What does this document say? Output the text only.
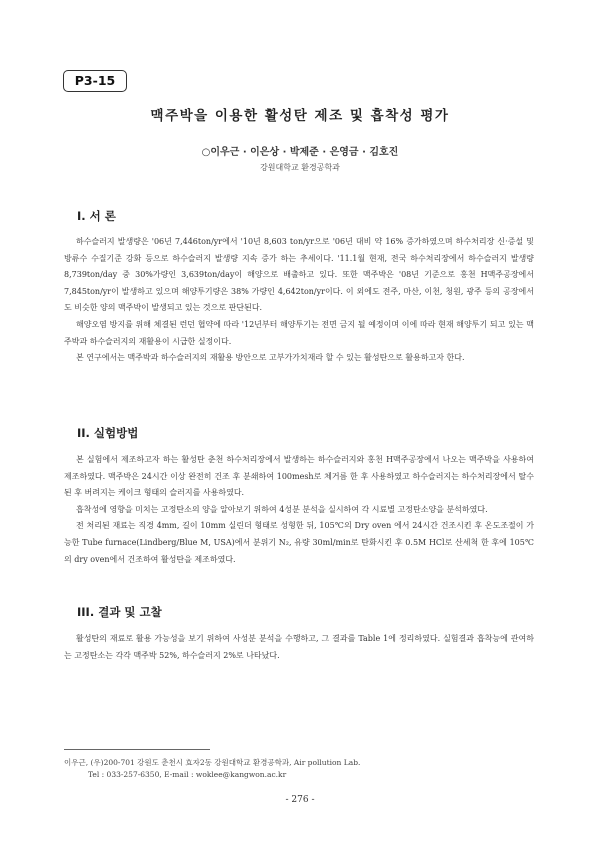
P3-15
맥주박을 이용한 활성탄 제조 및 흡착성 평가
○이우근 · 이은상 · 박제준 · 은영금 · 김호진
강원대학교 환경공학과
I. 서 론

하수슬러지 발생량은 '06년 7,446ton/yr에서 '10년 8,603 ton/yr으로 '06년 대비 약 16% 증가하였으며 하수처리장 신·증설 및 방류수 수질기준 강화 등으로 하수슬러지 발생량 지속 증가 하는 추세이다. '11.1월 현재, 전국 하수처리장에서 하수슬러지 발생량 8,739ton/day 중 30%가량인 3,639ton/day이 해양으로 배출하고 있다. 또한 맥주박은 '08년 기준으로 홍천 H맥주공장에서 7,845ton/yr이 발생하고 있으며 해양투기량은 38% 가량인 4,642ton/yr이다. 이 외에도 전주, 마산, 이천, 청원, 광주 등의 공장에서도 비슷한 양의 맥주박이 발생되고 있는 것으로 판단된다.

해양오염 방지를 위해 체결된 런던 협약에 따라 '12년부터 해양투기는 전면 금지 될 예정이며 이에 따라 현재 해양투기 되고 있는 맥주박과 하수슬러지의 재활용이 시급한 실정이다.

본 연구에서는 맥주박과 하수슬러지의 재활용 방안으로 고부가가치재라 할 수 있는 활성탄으로 활용하고자 한다.

II. 실험방법

본 실험에서 제조하고자 하는 활성탄 춘천 하수처리장에서 발생하는 하수슬러지와 홍천 H맥주공장에서 나오는 맥주박을 사용하여 제조하였다. 맥주박은 24시간 이상 완전히 건조 후 분쇄하여 100mesh로 체거름 한 후 사용하였고 하수슬러지는 하수처리장에서 탈수된 후 버려지는 케이크 형태의 슬러지를 사용하였다.

흡착성에 영향을 미치는 고정탄소의 양을 알아보기 위하여 4성분 분석을 실시하여 각 시료별 고정탄소양을 분석하였다.

전 처리된 재료는 직경 4mm, 길이 10mm 실린더 형태로 성형한 뒤, 105℃의 Dry oven 에서 24시간 건조시킨 후 온도조절이 가능한 Tube furnace(Lindberg/Blue M, USA)에서 분위기 N₂, 유량 30ml/min로 탄화시킨 후 0.5M HCl로 산세척 한 후에 105℃의 dry oven에서 건조하여 활성탄을 제조하였다.

III. 결과 및 고찰

활성탄의 재료로 활용 가능성을 보기 위하여 사성분 분석을 수행하고, 그 결과를 Table 1에 정리하였다. 실험결과 흡착능에 관여하는 고정탄소는 각각 맥주박 52%, 하수슬러지 2%로 나타났다.

이우근, (우)200-701 강원도 춘천시 효자2동 강원대학교 환경공학과, Air pollution Lab.
Tel : 033-257-6350, E-mail : woklee@kangwon.ac.kr
- 276 -
